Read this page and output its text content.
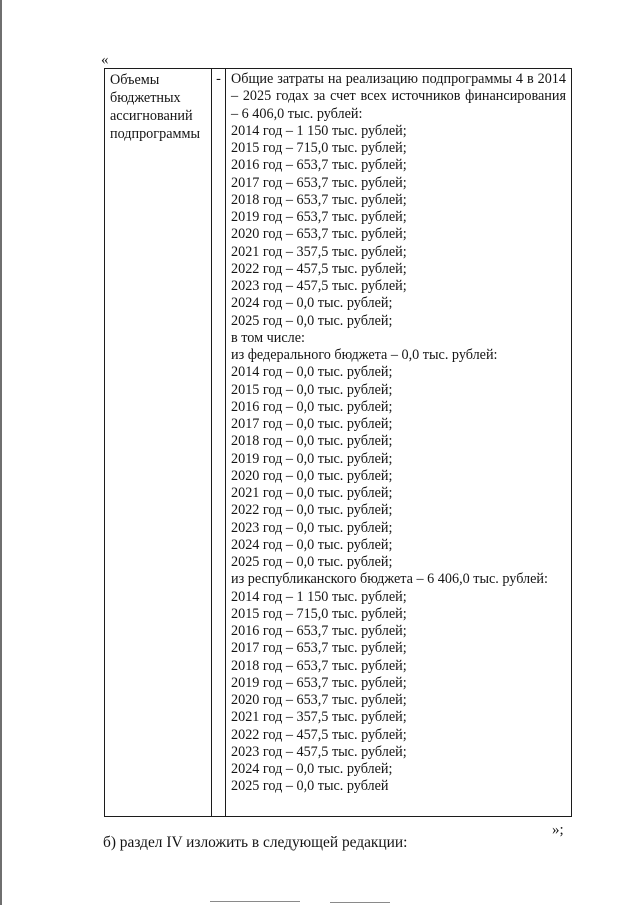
«
Объемы
бюджетных
ассигнований
подпрограммы
	-	Общие затраты на реализацию подпрограммы 4 в 2014 – 2025 годах за счет всех источников финансирования – 6 406,0 тыс. рублей:
2014 год – 1 150 тыс. рублей;
2015 год – 715,0 тыс. рублей;
2016 год – 653,7 тыс. рублей;
2017 год – 653,7 тыс. рублей;
2018 год – 653,7 тыс. рублей;
2019 год – 653,7 тыс. рублей;
2020 год – 653,7 тыс. рублей;
2021 год – 357,5 тыс. рублей;
2022 год – 457,5 тыс. рублей;
2023 год – 457,5 тыс. рублей;
2024 год – 0,0 тыс. рублей;
2025 год – 0,0 тыс. рублей;
в том числе:
из федерального бюджета – 0,0 тыс. рублей:
2014 год – 0,0 тыс. рублей;
2015 год – 0,0 тыс. рублей;
2016 год – 0,0 тыс. рублей;
2017 год – 0,0 тыс. рублей;
2018 год – 0,0 тыс. рублей;
2019 год – 0,0 тыс. рублей;
2020 год – 0,0 тыс. рублей;
2021 год – 0,0 тыс. рублей;
2022 год – 0,0 тыс. рублей;
2023 год – 0,0 тыс. рублей;
2024 год – 0,0 тыс. рублей;
2025 год – 0,0 тыс. рублей;
из республиканского бюджета – 6 406,0 тыс. рублей:
2014 год – 1 150 тыс. рублей;
2015 год – 715,0 тыс. рублей;
2016 год – 653,7 тыс. рублей;
2017 год – 653,7 тыс. рублей;
2018 год – 653,7 тыс. рублей;
2019 год – 653,7 тыс. рублей;
2020 год – 653,7 тыс. рублей;
2021 год – 357,5 тыс. рублей;
2022 год – 457,5 тыс. рублей;
2023 год – 457,5 тыс. рублей;
2024 год – 0,0 тыс. рублей;
2025 год – 0,0 тыс. рублей
»;
б) раздел IV изложить в следующей редакции:
